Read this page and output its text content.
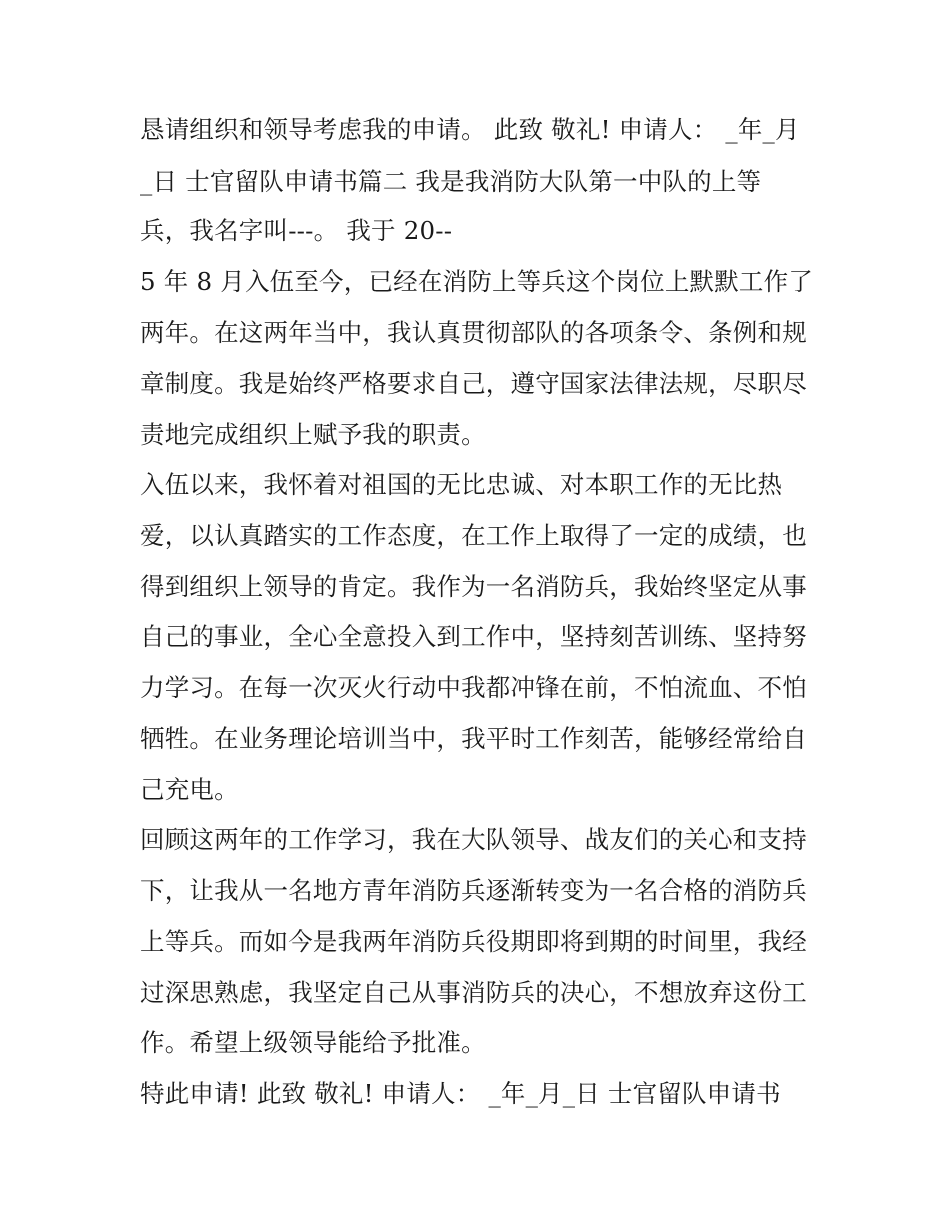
恳请组织和领导考虑我的申请。 此致 敬礼! 申请人： _年_月
_日 士官留队申请书篇二 我是我消防大队第一中队的上等
兵，我名字叫---。 我于 20--
5 年 8 月入伍至今，已经在消防上等兵这个岗位上默默工作了
两年。在这两年当中，我认真贯彻部队的各项条令、条例和规
章制度。我是始终严格要求自己，遵守国家法律法规，尽职尽
责地完成组织上赋予我的职责。
入伍以来，我怀着对祖国的无比忠诚、对本职工作的无比热
爱，以认真踏实的工作态度，在工作上取得了一定的成绩，也
得到组织上领导的肯定。我作为一名消防兵，我始终坚定从事
自己的事业，全心全意投入到工作中，坚持刻苦训练、坚持努
力学习。在每一次灭火行动中我都冲锋在前，不怕流血、不怕
牺牲。在业务理论培训当中，我平时工作刻苦，能够经常给自
己充电。
回顾这两年的工作学习，我在大队领导、战友们的关心和支持
下，让我从一名地方青年消防兵逐渐转变为一名合格的消防兵
上等兵。而如今是我两年消防兵役期即将到期的时间里，我经
过深思熟虑，我坚定自己从事消防兵的决心，不想放弃这份工
作。希望上级领导能给予批准。
特此申请! 此致 敬礼! 申请人： _年_月_日 士官留队申请书
